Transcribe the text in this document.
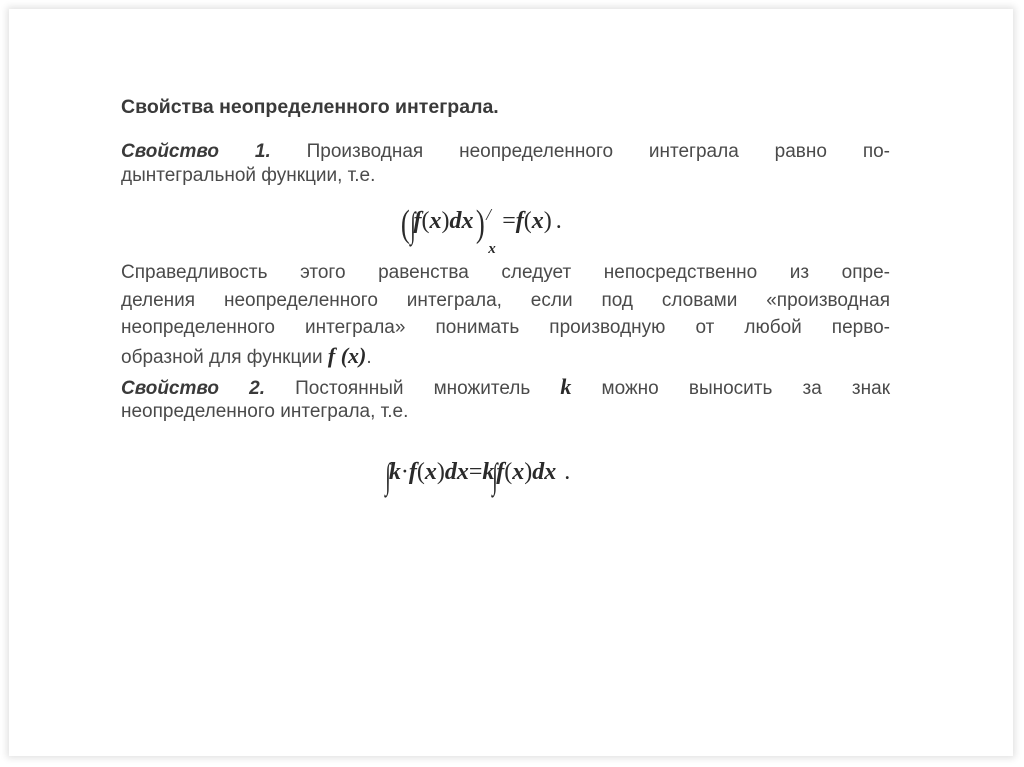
Свойства неопределенного интеграла.
Свойство 1. Производная неопределенного интеграла равно по-
дынтегральной функции, т.е.
(∫f(x)dx) /
x
=f(x) .
Справедливость этого равенства следует непосредственно из опре-
деления неопределенного интеграла, если под словами «производная
неопределенного интеграла» понимать производную от любой перво-
образной для функции f (x).
Свойство 2. Постоянный множитель k можно выносить за знак
неопределенного интеграла, т.е.
∫k·f(x)dx=k∫f(x)dx .
